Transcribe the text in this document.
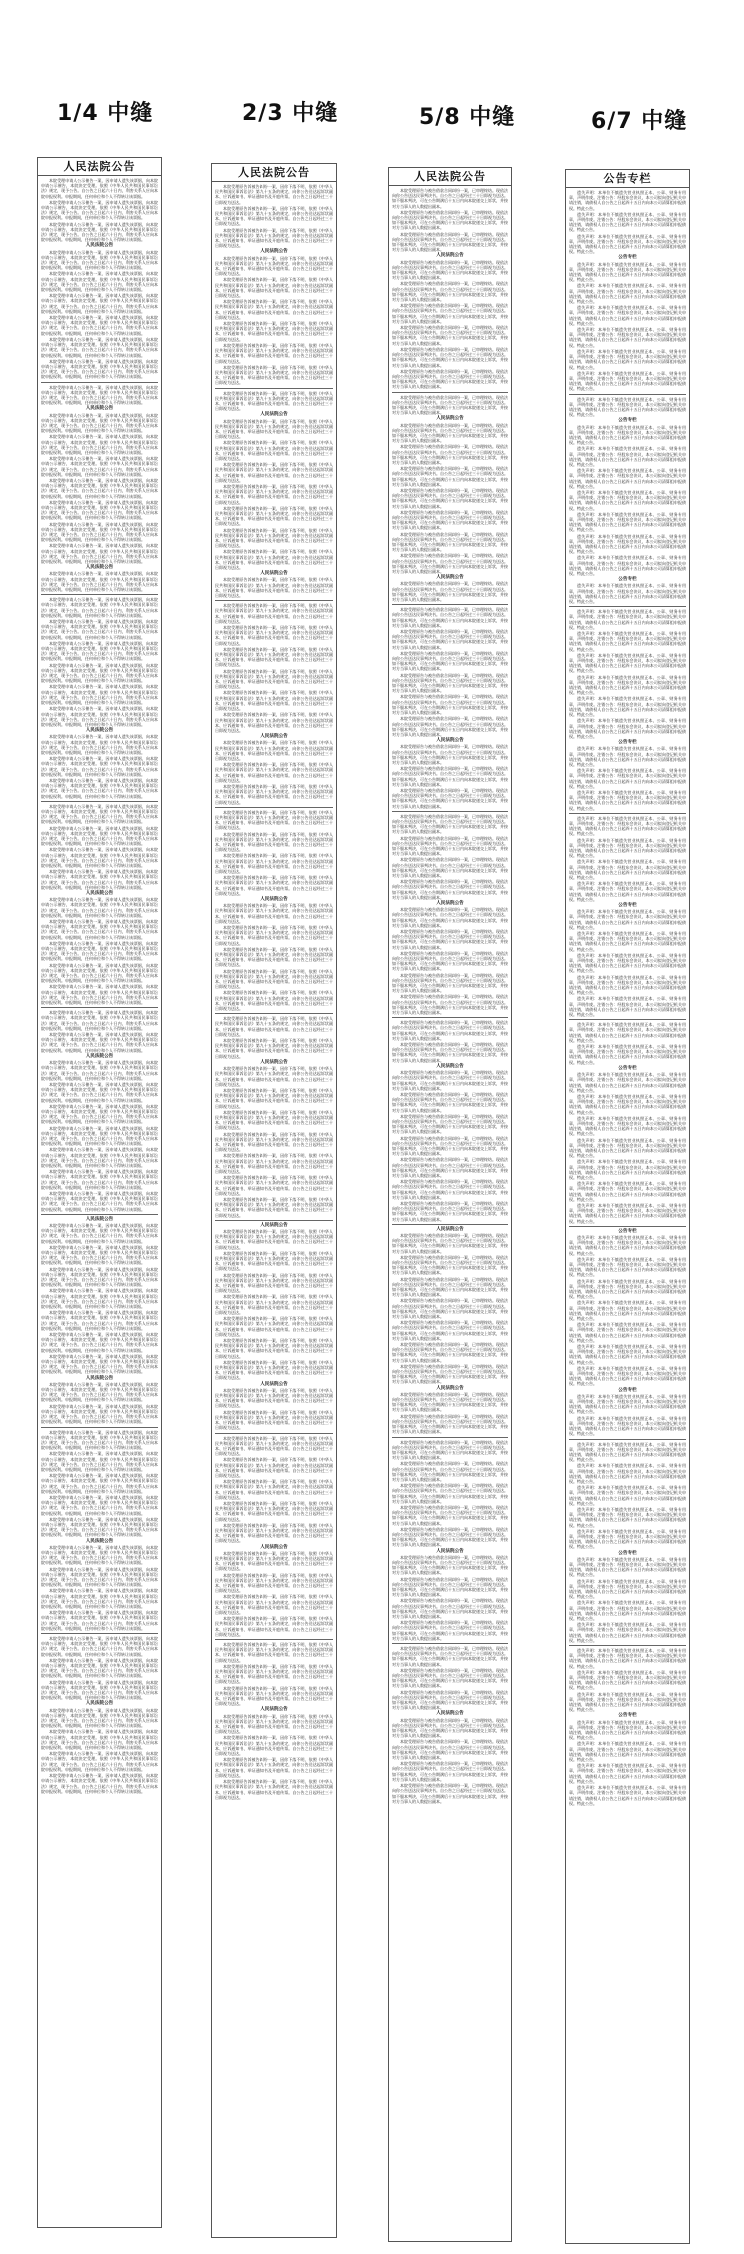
1/4 中缝	2/3 中缝	5/8 中缝	6/7 中缝
人民法院公告

本院受理申请人公示催告一案，因申请人遗失该票据，向本院申请公示催告，本院决定受理。依照《中华人民共和国民事诉讼法》规定，现予公告。自公告之日起六十日内，利害关系人应向本院申报权利。申报期间，任何单位和个人不得转让该票据。

本院受理申请人公示催告一案，因申请人遗失该票据，向本院申请公示催告，本院决定受理。依照《中华人民共和国民事诉讼法》规定，现予公告。自公告之日起六十日内，利害关系人应向本院申报权利。申报期间，任何单位和个人不得转让该票据。

本院受理申请人公示催告一案，因申请人遗失该票据，向本院申请公示催告，本院决定受理。依照《中华人民共和国民事诉讼法》规定，现予公告。自公告之日起六十日内，利害关系人应向本院申报权利。申报期间，任何单位和个人不得转让该票据。

人民法院公告

本院受理申请人公示催告一案，因申请人遗失该票据，向本院申请公示催告，本院决定受理。依照《中华人民共和国民事诉讼法》规定，现予公告。自公告之日起六十日内，利害关系人应向本院申报权利。申报期间，任何单位和个人不得转让该票据。

本院受理申请人公示催告一案，因申请人遗失该票据，向本院申请公示催告，本院决定受理。依照《中华人民共和国民事诉讼法》规定，现予公告。自公告之日起六十日内，利害关系人应向本院申报权利。申报期间，任何单位和个人不得转让该票据。

本院受理申请人公示催告一案，因申请人遗失该票据，向本院申请公示催告，本院决定受理。依照《中华人民共和国民事诉讼法》规定，现予公告。自公告之日起六十日内，利害关系人应向本院申报权利。申报期间，任何单位和个人不得转让该票据。

本院受理申请人公示催告一案，因申请人遗失该票据，向本院申请公示催告，本院决定受理。依照《中华人民共和国民事诉讼法》规定，现予公告。自公告之日起六十日内，利害关系人应向本院申报权利。申报期间，任何单位和个人不得转让该票据。

本院受理申请人公示催告一案，因申请人遗失该票据，向本院申请公示催告，本院决定受理。依照《中华人民共和国民事诉讼法》规定，现予公告。自公告之日起六十日内，利害关系人应向本院申报权利。申报期间，任何单位和个人不得转让该票据。

本院受理申请人公示催告一案，因申请人遗失该票据，向本院申请公示催告，本院决定受理。依照《中华人民共和国民事诉讼法》规定，现予公告。自公告之日起六十日内，利害关系人应向本院申报权利。申报期间，任何单位和个人不得转让该票据。

本院受理申请人公示催告一案，因申请人遗失该票据，向本院申请公示催告，本院决定受理。依照《中华人民共和国民事诉讼法》规定，现予公告。自公告之日起六十日内，利害关系人应向本院申报权利。申报期间，任何单位和个人不得转让该票据。

人民法院公告

本院受理申请人公示催告一案，因申请人遗失该票据，向本院申请公示催告，本院决定受理。依照《中华人民共和国民事诉讼法》规定，现予公告。自公告之日起六十日内，利害关系人应向本院申报权利。申报期间，任何单位和个人不得转让该票据。

本院受理申请人公示催告一案，因申请人遗失该票据，向本院申请公示催告，本院决定受理。依照《中华人民共和国民事诉讼法》规定，现予公告。自公告之日起六十日内，利害关系人应向本院申报权利。申报期间，任何单位和个人不得转让该票据。

本院受理申请人公示催告一案，因申请人遗失该票据，向本院申请公示催告，本院决定受理。依照《中华人民共和国民事诉讼法》规定，现予公告。自公告之日起六十日内，利害关系人应向本院申报权利。申报期间，任何单位和个人不得转让该票据。

本院受理申请人公示催告一案，因申请人遗失该票据，向本院申请公示催告，本院决定受理。依照《中华人民共和国民事诉讼法》规定，现予公告。自公告之日起六十日内，利害关系人应向本院申报权利。申报期间，任何单位和个人不得转让该票据。

本院受理申请人公示催告一案，因申请人遗失该票据，向本院申请公示催告，本院决定受理。依照《中华人民共和国民事诉讼法》规定，现予公告。自公告之日起六十日内，利害关系人应向本院申报权利。申报期间，任何单位和个人不得转让该票据。

本院受理申请人公示催告一案，因申请人遗失该票据，向本院申请公示催告，本院决定受理。依照《中华人民共和国民事诉讼法》规定，现予公告。自公告之日起六十日内，利害关系人应向本院申报权利。申报期间，任何单位和个人不得转让该票据。

本院受理申请人公示催告一案，因申请人遗失该票据，向本院申请公示催告，本院决定受理。依照《中华人民共和国民事诉讼法》规定，现予公告。自公告之日起六十日内，利害关系人应向本院申报权利。申报期间，任何单位和个人不得转让该票据。

人民法院公告

本院受理申请人公示催告一案，因申请人遗失该票据，向本院申请公示催告，本院决定受理。依照《中华人民共和国民事诉讼法》规定，现予公告。自公告之日起六十日内，利害关系人应向本院申报权利。申报期间，任何单位和个人不得转让该票据。

本院受理申请人公示催告一案，因申请人遗失该票据，向本院申请公示催告，本院决定受理。依照《中华人民共和国民事诉讼法》规定，现予公告。自公告之日起六十日内，利害关系人应向本院申报权利。申报期间，任何单位和个人不得转让该票据。

本院受理申请人公示催告一案，因申请人遗失该票据，向本院申请公示催告，本院决定受理。依照《中华人民共和国民事诉讼法》规定，现予公告。自公告之日起六十日内，利害关系人应向本院申报权利。申报期间，任何单位和个人不得转让该票据。

本院受理申请人公示催告一案，因申请人遗失该票据，向本院申请公示催告，本院决定受理。依照《中华人民共和国民事诉讼法》规定，现予公告。自公告之日起六十日内，利害关系人应向本院申报权利。申报期间，任何单位和个人不得转让该票据。

本院受理申请人公示催告一案，因申请人遗失该票据，向本院申请公示催告，本院决定受理。依照《中华人民共和国民事诉讼法》规定，现予公告。自公告之日起六十日内，利害关系人应向本院申报权利。申报期间，任何单位和个人不得转让该票据。

本院受理申请人公示催告一案，因申请人遗失该票据，向本院申请公示催告，本院决定受理。依照《中华人民共和国民事诉讼法》规定，现予公告。自公告之日起六十日内，利害关系人应向本院申报权利。申报期间，任何单位和个人不得转让该票据。

本院受理申请人公示催告一案，因申请人遗失该票据，向本院申请公示催告，本院决定受理。依照《中华人民共和国民事诉讼法》规定，现予公告。自公告之日起六十日内，利害关系人应向本院申报权利。申报期间，任何单位和个人不得转让该票据。

人民法院公告

本院受理申请人公示催告一案，因申请人遗失该票据，向本院申请公示催告，本院决定受理。依照《中华人民共和国民事诉讼法》规定，现予公告。自公告之日起六十日内，利害关系人应向本院申报权利。申报期间，任何单位和个人不得转让该票据。

本院受理申请人公示催告一案，因申请人遗失该票据，向本院申请公示催告，本院决定受理。依照《中华人民共和国民事诉讼法》规定，现予公告。自公告之日起六十日内，利害关系人应向本院申报权利。申报期间，任何单位和个人不得转让该票据。

本院受理申请人公示催告一案，因申请人遗失该票据，向本院申请公示催告，本院决定受理。依照《中华人民共和国民事诉讼法》规定，现予公告。自公告之日起六十日内，利害关系人应向本院申报权利。申报期间，任何单位和个人不得转让该票据。

本院受理申请人公示催告一案，因申请人遗失该票据，向本院申请公示催告，本院决定受理。依照《中华人民共和国民事诉讼法》规定，现予公告。自公告之日起六十日内，利害关系人应向本院申报权利。申报期间，任何单位和个人不得转让该票据。

本院受理申请人公示催告一案，因申请人遗失该票据，向本院申请公示催告，本院决定受理。依照《中华人民共和国民事诉讼法》规定，现予公告。自公告之日起六十日内，利害关系人应向本院申报权利。申报期间，任何单位和个人不得转让该票据。

本院受理申请人公示催告一案，因申请人遗失该票据，向本院申请公示催告，本院决定受理。依照《中华人民共和国民事诉讼法》规定，现予公告。自公告之日起六十日内，利害关系人应向本院申报权利。申报期间，任何单位和个人不得转让该票据。

本院受理申请人公示催告一案，因申请人遗失该票据，向本院申请公示催告，本院决定受理。依照《中华人民共和国民事诉讼法》规定，现予公告。自公告之日起六十日内，利害关系人应向本院申报权利。申报期间，任何单位和个人不得转让该票据。

人民法院公告

本院受理申请人公示催告一案，因申请人遗失该票据，向本院申请公示催告，本院决定受理。依照《中华人民共和国民事诉讼法》规定，现予公告。自公告之日起六十日内，利害关系人应向本院申报权利。申报期间，任何单位和个人不得转让该票据。

本院受理申请人公示催告一案，因申请人遗失该票据，向本院申请公示催告，本院决定受理。依照《中华人民共和国民事诉讼法》规定，现予公告。自公告之日起六十日内，利害关系人应向本院申报权利。申报期间，任何单位和个人不得转让该票据。

本院受理申请人公示催告一案，因申请人遗失该票据，向本院申请公示催告，本院决定受理。依照《中华人民共和国民事诉讼法》规定，现予公告。自公告之日起六十日内，利害关系人应向本院申报权利。申报期间，任何单位和个人不得转让该票据。

本院受理申请人公示催告一案，因申请人遗失该票据，向本院申请公示催告，本院决定受理。依照《中华人民共和国民事诉讼法》规定，现予公告。自公告之日起六十日内，利害关系人应向本院申报权利。申报期间，任何单位和个人不得转让该票据。

本院受理申请人公示催告一案，因申请人遗失该票据，向本院申请公示催告，本院决定受理。依照《中华人民共和国民事诉讼法》规定，现予公告。自公告之日起六十日内，利害关系人应向本院申报权利。申报期间，任何单位和个人不得转让该票据。

本院受理申请人公示催告一案，因申请人遗失该票据，向本院申请公示催告，本院决定受理。依照《中华人民共和国民事诉讼法》规定，现予公告。自公告之日起六十日内，利害关系人应向本院申报权利。申报期间，任何单位和个人不得转让该票据。

本院受理申请人公示催告一案，因申请人遗失该票据，向本院申请公示催告，本院决定受理。依照《中华人民共和国民事诉讼法》规定，现予公告。自公告之日起六十日内，利害关系人应向本院申报权利。申报期间，任何单位和个人不得转让该票据。

人民法院公告

本院受理申请人公示催告一案，因申请人遗失该票据，向本院申请公示催告，本院决定受理。依照《中华人民共和国民事诉讼法》规定，现予公告。自公告之日起六十日内，利害关系人应向本院申报权利。申报期间，任何单位和个人不得转让该票据。

本院受理申请人公示催告一案，因申请人遗失该票据，向本院申请公示催告，本院决定受理。依照《中华人民共和国民事诉讼法》规定，现予公告。自公告之日起六十日内，利害关系人应向本院申报权利。申报期间，任何单位和个人不得转让该票据。

本院受理申请人公示催告一案，因申请人遗失该票据，向本院申请公示催告，本院决定受理。依照《中华人民共和国民事诉讼法》规定，现予公告。自公告之日起六十日内，利害关系人应向本院申报权利。申报期间，任何单位和个人不得转让该票据。

本院受理申请人公示催告一案，因申请人遗失该票据，向本院申请公示催告，本院决定受理。依照《中华人民共和国民事诉讼法》规定，现予公告。自公告之日起六十日内，利害关系人应向本院申报权利。申报期间，任何单位和个人不得转让该票据。

本院受理申请人公示催告一案，因申请人遗失该票据，向本院申请公示催告，本院决定受理。依照《中华人民共和国民事诉讼法》规定，现予公告。自公告之日起六十日内，利害关系人应向本院申报权利。申报期间，任何单位和个人不得转让该票据。

本院受理申请人公示催告一案，因申请人遗失该票据，向本院申请公示催告，本院决定受理。依照《中华人民共和国民事诉讼法》规定，现予公告。自公告之日起六十日内，利害关系人应向本院申报权利。申报期间，任何单位和个人不得转让该票据。

本院受理申请人公示催告一案，因申请人遗失该票据，向本院申请公示催告，本院决定受理。依照《中华人民共和国民事诉讼法》规定，现予公告。自公告之日起六十日内，利害关系人应向本院申报权利。申报期间，任何单位和个人不得转让该票据。

人民法院公告

本院受理申请人公示催告一案，因申请人遗失该票据，向本院申请公示催告，本院决定受理。依照《中华人民共和国民事诉讼法》规定，现予公告。自公告之日起六十日内，利害关系人应向本院申报权利。申报期间，任何单位和个人不得转让该票据。

本院受理申请人公示催告一案，因申请人遗失该票据，向本院申请公示催告，本院决定受理。依照《中华人民共和国民事诉讼法》规定，现予公告。自公告之日起六十日内，利害关系人应向本院申报权利。申报期间，任何单位和个人不得转让该票据。

本院受理申请人公示催告一案，因申请人遗失该票据，向本院申请公示催告，本院决定受理。依照《中华人民共和国民事诉讼法》规定，现予公告。自公告之日起六十日内，利害关系人应向本院申报权利。申报期间，任何单位和个人不得转让该票据。

本院受理申请人公示催告一案，因申请人遗失该票据，向本院申请公示催告，本院决定受理。依照《中华人民共和国民事诉讼法》规定，现予公告。自公告之日起六十日内，利害关系人应向本院申报权利。申报期间，任何单位和个人不得转让该票据。

本院受理申请人公示催告一案，因申请人遗失该票据，向本院申请公示催告，本院决定受理。依照《中华人民共和国民事诉讼法》规定，现予公告。自公告之日起六十日内，利害关系人应向本院申报权利。申报期间，任何单位和个人不得转让该票据。

本院受理申请人公示催告一案，因申请人遗失该票据，向本院申请公示催告，本院决定受理。依照《中华人民共和国民事诉讼法》规定，现予公告。自公告之日起六十日内，利害关系人应向本院申报权利。申报期间，任何单位和个人不得转让该票据。

本院受理申请人公示催告一案，因申请人遗失该票据，向本院申请公示催告，本院决定受理。依照《中华人民共和国民事诉讼法》规定，现予公告。自公告之日起六十日内，利害关系人应向本院申报权利。申报期间，任何单位和个人不得转让该票据。

人民法院公告

本院受理申请人公示催告一案，因申请人遗失该票据，向本院申请公示催告，本院决定受理。依照《中华人民共和国民事诉讼法》规定，现予公告。自公告之日起六十日内，利害关系人应向本院申报权利。申报期间，任何单位和个人不得转让该票据。

本院受理申请人公示催告一案，因申请人遗失该票据，向本院申请公示催告，本院决定受理。依照《中华人民共和国民事诉讼法》规定，现予公告。自公告之日起六十日内，利害关系人应向本院申报权利。申报期间，任何单位和个人不得转让该票据。

本院受理申请人公示催告一案，因申请人遗失该票据，向本院申请公示催告，本院决定受理。依照《中华人民共和国民事诉讼法》规定，现予公告。自公告之日起六十日内，利害关系人应向本院申报权利。申报期间，任何单位和个人不得转让该票据。

本院受理申请人公示催告一案，因申请人遗失该票据，向本院申请公示催告，本院决定受理。依照《中华人民共和国民事诉讼法》规定，现予公告。自公告之日起六十日内，利害关系人应向本院申报权利。申报期间，任何单位和个人不得转让该票据。

本院受理申请人公示催告一案，因申请人遗失该票据，向本院申请公示催告，本院决定受理。依照《中华人民共和国民事诉讼法》规定，现予公告。自公告之日起六十日内，利害关系人应向本院申报权利。申报期间，任何单位和个人不得转让该票据。

本院受理申请人公示催告一案，因申请人遗失该票据，向本院申请公示催告，本院决定受理。依照《中华人民共和国民事诉讼法》规定，现予公告。自公告之日起六十日内，利害关系人应向本院申报权利。申报期间，任何单位和个人不得转让该票据。

本院受理申请人公示催告一案，因申请人遗失该票据，向本院申请公示催告，本院决定受理。依照《中华人民共和国民事诉讼法》规定，现予公告。自公告之日起六十日内，利害关系人应向本院申报权利。申报期间，任何单位和个人不得转让该票据。

人民法院公告

本院受理申请人公示催告一案，因申请人遗失该票据，向本院申请公示催告，本院决定受理。依照《中华人民共和国民事诉讼法》规定，现予公告。自公告之日起六十日内，利害关系人应向本院申报权利。申报期间，任何单位和个人不得转让该票据。

本院受理申请人公示催告一案，因申请人遗失该票据，向本院申请公示催告，本院决定受理。依照《中华人民共和国民事诉讼法》规定，现予公告。自公告之日起六十日内，利害关系人应向本院申报权利。申报期间，任何单位和个人不得转让该票据。

本院受理申请人公示催告一案，因申请人遗失该票据，向本院申请公示催告，本院决定受理。依照《中华人民共和国民事诉讼法》规定，现予公告。自公告之日起六十日内，利害关系人应向本院申报权利。申报期间，任何单位和个人不得转让该票据。

本院受理申请人公示催告一案，因申请人遗失该票据，向本院申请公示催告，本院决定受理。依照《中华人民共和国民事诉讼法》规定，现予公告。自公告之日起六十日内，利害关系人应向本院申报权利。申报期间，任何单位和个人不得转让该票据。

本院受理申请人公示催告一案，因申请人遗失该票据，向本院申请公示催告，本院决定受理。依照《中华人民共和国民事诉讼法》规定，现予公告。自公告之日起六十日内，利害关系人应向本院申报权利。申报期间，任何单位和个人不得转让该票据。

本院受理申请人公示催告一案，因申请人遗失该票据，向本院申请公示催告，本院决定受理。依照《中华人民共和国民事诉讼法》规定，现予公告。自公告之日起六十日内，利害关系人应向本院申报权利。申报期间，任何单位和个人不得转让该票据。

本院受理申请人公示催告一案，因申请人遗失该票据，向本院申请公示催告，本院决定受理。依照《中华人民共和国民事诉讼法》规定，现予公告。自公告之日起六十日内，利害关系人应向本院申报权利。申报期间，任何单位和个人不得转让该票据。

人民法院公告

本院受理申请人公示催告一案，因申请人遗失该票据，向本院申请公示催告，本院决定受理。依照《中华人民共和国民事诉讼法》规定，现予公告。自公告之日起六十日内，利害关系人应向本院申报权利。申报期间，任何单位和个人不得转让该票据。

本院受理申请人公示催告一案，因申请人遗失该票据，向本院申请公示催告，本院决定受理。依照《中华人民共和国民事诉讼法》规定，现予公告。自公告之日起六十日内，利害关系人应向本院申报权利。申报期间，任何单位和个人不得转让该票据。

本院受理申请人公示催告一案，因申请人遗失该票据，向本院申请公示催告，本院决定受理。依照《中华人民共和国民事诉讼法》规定，现予公告。自公告之日起六十日内，利害关系人应向本院申报权利。申报期间，任何单位和个人不得转让该票据。

本院受理申请人公示催告一案，因申请人遗失该票据，向本院申请公示催告，本院决定受理。依照《中华人民共和国民事诉讼法》规定，现予公告。自公告之日起六十日内，利害关系人应向本院申报权利。申报期间，任何单位和个人不得转让该票据。

人民法院公告

本院受理原告诉被告纠纷一案，因你下落不明，依照《中华人民共和国民事诉讼法》第九十五条的规定，向你公告送达起诉状副本、应诉通知书、举证通知书及开庭传票。自公告之日起经过三十日即视为送达。

本院受理原告诉被告纠纷一案，因你下落不明，依照《中华人民共和国民事诉讼法》第九十五条的规定，向你公告送达起诉状副本、应诉通知书、举证通知书及开庭传票。自公告之日起经过三十日即视为送达。

本院受理原告诉被告纠纷一案，因你下落不明，依照《中华人民共和国民事诉讼法》第九十五条的规定，向你公告送达起诉状副本、应诉通知书、举证通知书及开庭传票。自公告之日起经过三十日即视为送达。

人民法院公告

本院受理原告诉被告纠纷一案，因你下落不明，依照《中华人民共和国民事诉讼法》第九十五条的规定，向你公告送达起诉状副本、应诉通知书、举证通知书及开庭传票。自公告之日起经过三十日即视为送达。

本院受理原告诉被告纠纷一案，因你下落不明，依照《中华人民共和国民事诉讼法》第九十五条的规定，向你公告送达起诉状副本、应诉通知书、举证通知书及开庭传票。自公告之日起经过三十日即视为送达。

本院受理原告诉被告纠纷一案，因你下落不明，依照《中华人民共和国民事诉讼法》第九十五条的规定，向你公告送达起诉状副本、应诉通知书、举证通知书及开庭传票。自公告之日起经过三十日即视为送达。

本院受理原告诉被告纠纷一案，因你下落不明，依照《中华人民共和国民事诉讼法》第九十五条的规定，向你公告送达起诉状副本、应诉通知书、举证通知书及开庭传票。自公告之日起经过三十日即视为送达。

本院受理原告诉被告纠纷一案，因你下落不明，依照《中华人民共和国民事诉讼法》第九十五条的规定，向你公告送达起诉状副本、应诉通知书、举证通知书及开庭传票。自公告之日起经过三十日即视为送达。

本院受理原告诉被告纠纷一案，因你下落不明，依照《中华人民共和国民事诉讼法》第九十五条的规定，向你公告送达起诉状副本、应诉通知书、举证通知书及开庭传票。自公告之日起经过三十日即视为送达。

本院受理原告诉被告纠纷一案，因你下落不明，依照《中华人民共和国民事诉讼法》第九十五条的规定，向你公告送达起诉状副本、应诉通知书、举证通知书及开庭传票。自公告之日起经过三十日即视为送达。

人民法院公告

本院受理原告诉被告纠纷一案，因你下落不明，依照《中华人民共和国民事诉讼法》第九十五条的规定，向你公告送达起诉状副本、应诉通知书、举证通知书及开庭传票。自公告之日起经过三十日即视为送达。

本院受理原告诉被告纠纷一案，因你下落不明，依照《中华人民共和国民事诉讼法》第九十五条的规定，向你公告送达起诉状副本、应诉通知书、举证通知书及开庭传票。自公告之日起经过三十日即视为送达。

本院受理原告诉被告纠纷一案，因你下落不明，依照《中华人民共和国民事诉讼法》第九十五条的规定，向你公告送达起诉状副本、应诉通知书、举证通知书及开庭传票。自公告之日起经过三十日即视为送达。

本院受理原告诉被告纠纷一案，因你下落不明，依照《中华人民共和国民事诉讼法》第九十五条的规定，向你公告送达起诉状副本、应诉通知书、举证通知书及开庭传票。自公告之日起经过三十日即视为送达。

本院受理原告诉被告纠纷一案，因你下落不明，依照《中华人民共和国民事诉讼法》第九十五条的规定，向你公告送达起诉状副本、应诉通知书、举证通知书及开庭传票。自公告之日起经过三十日即视为送达。

本院受理原告诉被告纠纷一案，因你下落不明，依照《中华人民共和国民事诉讼法》第九十五条的规定，向你公告送达起诉状副本、应诉通知书、举证通知书及开庭传票。自公告之日起经过三十日即视为送达。

本院受理原告诉被告纠纷一案，因你下落不明，依照《中华人民共和国民事诉讼法》第九十五条的规定，向你公告送达起诉状副本、应诉通知书、举证通知书及开庭传票。自公告之日起经过三十日即视为送达。

人民法院公告

本院受理原告诉被告纠纷一案，因你下落不明，依照《中华人民共和国民事诉讼法》第九十五条的规定，向你公告送达起诉状副本、应诉通知书、举证通知书及开庭传票。自公告之日起经过三十日即视为送达。

本院受理原告诉被告纠纷一案，因你下落不明，依照《中华人民共和国民事诉讼法》第九十五条的规定，向你公告送达起诉状副本、应诉通知书、举证通知书及开庭传票。自公告之日起经过三十日即视为送达。

本院受理原告诉被告纠纷一案，因你下落不明，依照《中华人民共和国民事诉讼法》第九十五条的规定，向你公告送达起诉状副本、应诉通知书、举证通知书及开庭传票。自公告之日起经过三十日即视为送达。

本院受理原告诉被告纠纷一案，因你下落不明，依照《中华人民共和国民事诉讼法》第九十五条的规定，向你公告送达起诉状副本、应诉通知书、举证通知书及开庭传票。自公告之日起经过三十日即视为送达。

本院受理原告诉被告纠纷一案，因你下落不明，依照《中华人民共和国民事诉讼法》第九十五条的规定，向你公告送达起诉状副本、应诉通知书、举证通知书及开庭传票。自公告之日起经过三十日即视为送达。

本院受理原告诉被告纠纷一案，因你下落不明，依照《中华人民共和国民事诉讼法》第九十五条的规定，向你公告送达起诉状副本、应诉通知书、举证通知书及开庭传票。自公告之日起经过三十日即视为送达。

本院受理原告诉被告纠纷一案，因你下落不明，依照《中华人民共和国民事诉讼法》第九十五条的规定，向你公告送达起诉状副本、应诉通知书、举证通知书及开庭传票。自公告之日起经过三十日即视为送达。

人民法院公告

本院受理原告诉被告纠纷一案，因你下落不明，依照《中华人民共和国民事诉讼法》第九十五条的规定，向你公告送达起诉状副本、应诉通知书、举证通知书及开庭传票。自公告之日起经过三十日即视为送达。

本院受理原告诉被告纠纷一案，因你下落不明，依照《中华人民共和国民事诉讼法》第九十五条的规定，向你公告送达起诉状副本、应诉通知书、举证通知书及开庭传票。自公告之日起经过三十日即视为送达。

本院受理原告诉被告纠纷一案，因你下落不明，依照《中华人民共和国民事诉讼法》第九十五条的规定，向你公告送达起诉状副本、应诉通知书、举证通知书及开庭传票。自公告之日起经过三十日即视为送达。

本院受理原告诉被告纠纷一案，因你下落不明，依照《中华人民共和国民事诉讼法》第九十五条的规定，向你公告送达起诉状副本、应诉通知书、举证通知书及开庭传票。自公告之日起经过三十日即视为送达。

本院受理原告诉被告纠纷一案，因你下落不明，依照《中华人民共和国民事诉讼法》第九十五条的规定，向你公告送达起诉状副本、应诉通知书、举证通知书及开庭传票。自公告之日起经过三十日即视为送达。

本院受理原告诉被告纠纷一案，因你下落不明，依照《中华人民共和国民事诉讼法》第九十五条的规定，向你公告送达起诉状副本、应诉通知书、举证通知书及开庭传票。自公告之日起经过三十日即视为送达。

本院受理原告诉被告纠纷一案，因你下落不明，依照《中华人民共和国民事诉讼法》第九十五条的规定，向你公告送达起诉状副本、应诉通知书、举证通知书及开庭传票。自公告之日起经过三十日即视为送达。

人民法院公告

本院受理原告诉被告纠纷一案，因你下落不明，依照《中华人民共和国民事诉讼法》第九十五条的规定，向你公告送达起诉状副本、应诉通知书、举证通知书及开庭传票。自公告之日起经过三十日即视为送达。

本院受理原告诉被告纠纷一案，因你下落不明，依照《中华人民共和国民事诉讼法》第九十五条的规定，向你公告送达起诉状副本、应诉通知书、举证通知书及开庭传票。自公告之日起经过三十日即视为送达。

本院受理原告诉被告纠纷一案，因你下落不明，依照《中华人民共和国民事诉讼法》第九十五条的规定，向你公告送达起诉状副本、应诉通知书、举证通知书及开庭传票。自公告之日起经过三十日即视为送达。

本院受理原告诉被告纠纷一案，因你下落不明，依照《中华人民共和国民事诉讼法》第九十五条的规定，向你公告送达起诉状副本、应诉通知书、举证通知书及开庭传票。自公告之日起经过三十日即视为送达。

本院受理原告诉被告纠纷一案，因你下落不明，依照《中华人民共和国民事诉讼法》第九十五条的规定，向你公告送达起诉状副本、应诉通知书、举证通知书及开庭传票。自公告之日起经过三十日即视为送达。

本院受理原告诉被告纠纷一案，因你下落不明，依照《中华人民共和国民事诉讼法》第九十五条的规定，向你公告送达起诉状副本、应诉通知书、举证通知书及开庭传票。自公告之日起经过三十日即视为送达。

本院受理原告诉被告纠纷一案，因你下落不明，依照《中华人民共和国民事诉讼法》第九十五条的规定，向你公告送达起诉状副本、应诉通知书、举证通知书及开庭传票。自公告之日起经过三十日即视为送达。

人民法院公告

本院受理原告诉被告纠纷一案，因你下落不明，依照《中华人民共和国民事诉讼法》第九十五条的规定，向你公告送达起诉状副本、应诉通知书、举证通知书及开庭传票。自公告之日起经过三十日即视为送达。

本院受理原告诉被告纠纷一案，因你下落不明，依照《中华人民共和国民事诉讼法》第九十五条的规定，向你公告送达起诉状副本、应诉通知书、举证通知书及开庭传票。自公告之日起经过三十日即视为送达。

本院受理原告诉被告纠纷一案，因你下落不明，依照《中华人民共和国民事诉讼法》第九十五条的规定，向你公告送达起诉状副本、应诉通知书、举证通知书及开庭传票。自公告之日起经过三十日即视为送达。

本院受理原告诉被告纠纷一案，因你下落不明，依照《中华人民共和国民事诉讼法》第九十五条的规定，向你公告送达起诉状副本、应诉通知书、举证通知书及开庭传票。自公告之日起经过三十日即视为送达。

本院受理原告诉被告纠纷一案，因你下落不明，依照《中华人民共和国民事诉讼法》第九十五条的规定，向你公告送达起诉状副本、应诉通知书、举证通知书及开庭传票。自公告之日起经过三十日即视为送达。

本院受理原告诉被告纠纷一案，因你下落不明，依照《中华人民共和国民事诉讼法》第九十五条的规定，向你公告送达起诉状副本、应诉通知书、举证通知书及开庭传票。自公告之日起经过三十日即视为送达。

本院受理原告诉被告纠纷一案，因你下落不明，依照《中华人民共和国民事诉讼法》第九十五条的规定，向你公告送达起诉状副本、应诉通知书、举证通知书及开庭传票。自公告之日起经过三十日即视为送达。

人民法院公告

本院受理原告诉被告纠纷一案，因你下落不明，依照《中华人民共和国民事诉讼法》第九十五条的规定，向你公告送达起诉状副本、应诉通知书、举证通知书及开庭传票。自公告之日起经过三十日即视为送达。

本院受理原告诉被告纠纷一案，因你下落不明，依照《中华人民共和国民事诉讼法》第九十五条的规定，向你公告送达起诉状副本、应诉通知书、举证通知书及开庭传票。自公告之日起经过三十日即视为送达。

本院受理原告诉被告纠纷一案，因你下落不明，依照《中华人民共和国民事诉讼法》第九十五条的规定，向你公告送达起诉状副本、应诉通知书、举证通知书及开庭传票。自公告之日起经过三十日即视为送达。

本院受理原告诉被告纠纷一案，因你下落不明，依照《中华人民共和国民事诉讼法》第九十五条的规定，向你公告送达起诉状副本、应诉通知书、举证通知书及开庭传票。自公告之日起经过三十日即视为送达。

本院受理原告诉被告纠纷一案，因你下落不明，依照《中华人民共和国民事诉讼法》第九十五条的规定，向你公告送达起诉状副本、应诉通知书、举证通知书及开庭传票。自公告之日起经过三十日即视为送达。

本院受理原告诉被告纠纷一案，因你下落不明，依照《中华人民共和国民事诉讼法》第九十五条的规定，向你公告送达起诉状副本、应诉通知书、举证通知书及开庭传票。自公告之日起经过三十日即视为送达。

本院受理原告诉被告纠纷一案，因你下落不明，依照《中华人民共和国民事诉讼法》第九十五条的规定，向你公告送达起诉状副本、应诉通知书、举证通知书及开庭传票。自公告之日起经过三十日即视为送达。

人民法院公告

本院受理原告诉被告纠纷一案，因你下落不明，依照《中华人民共和国民事诉讼法》第九十五条的规定，向你公告送达起诉状副本、应诉通知书、举证通知书及开庭传票。自公告之日起经过三十日即视为送达。

本院受理原告诉被告纠纷一案，因你下落不明，依照《中华人民共和国民事诉讼法》第九十五条的规定，向你公告送达起诉状副本、应诉通知书、举证通知书及开庭传票。自公告之日起经过三十日即视为送达。

本院受理原告诉被告纠纷一案，因你下落不明，依照《中华人民共和国民事诉讼法》第九十五条的规定，向你公告送达起诉状副本、应诉通知书、举证通知书及开庭传票。自公告之日起经过三十日即视为送达。

本院受理原告诉被告纠纷一案，因你下落不明，依照《中华人民共和国民事诉讼法》第九十五条的规定，向你公告送达起诉状副本、应诉通知书、举证通知书及开庭传票。自公告之日起经过三十日即视为送达。

本院受理原告诉被告纠纷一案，因你下落不明，依照《中华人民共和国民事诉讼法》第九十五条的规定，向你公告送达起诉状副本、应诉通知书、举证通知书及开庭传票。自公告之日起经过三十日即视为送达。

本院受理原告诉被告纠纷一案，因你下落不明，依照《中华人民共和国民事诉讼法》第九十五条的规定，向你公告送达起诉状副本、应诉通知书、举证通知书及开庭传票。自公告之日起经过三十日即视为送达。

本院受理原告诉被告纠纷一案，因你下落不明，依照《中华人民共和国民事诉讼法》第九十五条的规定，向你公告送达起诉状副本、应诉通知书、举证通知书及开庭传票。自公告之日起经过三十日即视为送达。

人民法院公告

本院受理原告诉被告纠纷一案，因你下落不明，依照《中华人民共和国民事诉讼法》第九十五条的规定，向你公告送达起诉状副本、应诉通知书、举证通知书及开庭传票。自公告之日起经过三十日即视为送达。

本院受理原告诉被告纠纷一案，因你下落不明，依照《中华人民共和国民事诉讼法》第九十五条的规定，向你公告送达起诉状副本、应诉通知书、举证通知书及开庭传票。自公告之日起经过三十日即视为送达。

本院受理原告诉被告纠纷一案，因你下落不明，依照《中华人民共和国民事诉讼法》第九十五条的规定，向你公告送达起诉状副本、应诉通知书、举证通知书及开庭传票。自公告之日起经过三十日即视为送达。

本院受理原告诉被告纠纷一案，因你下落不明，依照《中华人民共和国民事诉讼法》第九十五条的规定，向你公告送达起诉状副本、应诉通知书、举证通知书及开庭传票。自公告之日起经过三十日即视为送达。

本院受理原告诉被告纠纷一案，因你下落不明，依照《中华人民共和国民事诉讼法》第九十五条的规定，向你公告送达起诉状副本、应诉通知书、举证通知书及开庭传票。自公告之日起经过三十日即视为送达。

本院受理原告诉被告纠纷一案，因你下落不明，依照《中华人民共和国民事诉讼法》第九十五条的规定，向你公告送达起诉状副本、应诉通知书、举证通知书及开庭传票。自公告之日起经过三十日即视为送达。

本院受理原告诉被告纠纷一案，因你下落不明，依照《中华人民共和国民事诉讼法》第九十五条的规定，向你公告送达起诉状副本、应诉通知书、举证通知书及开庭传票。自公告之日起经过三十日即视为送达。

人民法院公告

本院受理原告诉被告纠纷一案，因你下落不明，依照《中华人民共和国民事诉讼法》第九十五条的规定，向你公告送达起诉状副本、应诉通知书、举证通知书及开庭传票。自公告之日起经过三十日即视为送达。

本院受理原告诉被告纠纷一案，因你下落不明，依照《中华人民共和国民事诉讼法》第九十五条的规定，向你公告送达起诉状副本、应诉通知书、举证通知书及开庭传票。自公告之日起经过三十日即视为送达。

本院受理原告诉被告纠纷一案，因你下落不明，依照《中华人民共和国民事诉讼法》第九十五条的规定，向你公告送达起诉状副本、应诉通知书、举证通知书及开庭传票。自公告之日起经过三十日即视为送达。

本院受理原告诉被告纠纷一案，因你下落不明，依照《中华人民共和国民事诉讼法》第九十五条的规定，向你公告送达起诉状副本、应诉通知书、举证通知书及开庭传票。自公告之日起经过三十日即视为送达。

人民法院公告

本院受理原告与被告借款合同纠纷一案，已审理终结。现依法向你公告送达民事判决书。自公告之日起经过三十日即视为送达。如不服本判决，可在公告期满后十五日内向本院递交上诉状，并按对方当事人的人数提出副本。

本院受理原告与被告借款合同纠纷一案，已审理终结。现依法向你公告送达民事判决书。自公告之日起经过三十日即视为送达。如不服本判决，可在公告期满后十五日内向本院递交上诉状，并按对方当事人的人数提出副本。

本院受理原告与被告借款合同纠纷一案，已审理终结。现依法向你公告送达民事判决书。自公告之日起经过三十日即视为送达。如不服本判决，可在公告期满后十五日内向本院递交上诉状，并按对方当事人的人数提出副本。

人民法院公告

本院受理原告与被告借款合同纠纷一案，已审理终结。现依法向你公告送达民事判决书。自公告之日起经过三十日即视为送达。如不服本判决，可在公告期满后十五日内向本院递交上诉状，并按对方当事人的人数提出副本。

本院受理原告与被告借款合同纠纷一案，已审理终结。现依法向你公告送达民事判决书。自公告之日起经过三十日即视为送达。如不服本判决，可在公告期满后十五日内向本院递交上诉状，并按对方当事人的人数提出副本。

本院受理原告与被告借款合同纠纷一案，已审理终结。现依法向你公告送达民事判决书。自公告之日起经过三十日即视为送达。如不服本判决，可在公告期满后十五日内向本院递交上诉状，并按对方当事人的人数提出副本。

本院受理原告与被告借款合同纠纷一案，已审理终结。现依法向你公告送达民事判决书。自公告之日起经过三十日即视为送达。如不服本判决，可在公告期满后十五日内向本院递交上诉状，并按对方当事人的人数提出副本。

本院受理原告与被告借款合同纠纷一案，已审理终结。现依法向你公告送达民事判决书。自公告之日起经过三十日即视为送达。如不服本判决，可在公告期满后十五日内向本院递交上诉状，并按对方当事人的人数提出副本。

本院受理原告与被告借款合同纠纷一案，已审理终结。现依法向你公告送达民事判决书。自公告之日起经过三十日即视为送达。如不服本判决，可在公告期满后十五日内向本院递交上诉状，并按对方当事人的人数提出副本。

本院受理原告与被告借款合同纠纷一案，已审理终结。现依法向你公告送达民事判决书。自公告之日起经过三十日即视为送达。如不服本判决，可在公告期满后十五日内向本院递交上诉状，并按对方当事人的人数提出副本。

人民法院公告

本院受理原告与被告借款合同纠纷一案，已审理终结。现依法向你公告送达民事判决书。自公告之日起经过三十日即视为送达。如不服本判决，可在公告期满后十五日内向本院递交上诉状，并按对方当事人的人数提出副本。

本院受理原告与被告借款合同纠纷一案，已审理终结。现依法向你公告送达民事判决书。自公告之日起经过三十日即视为送达。如不服本判决，可在公告期满后十五日内向本院递交上诉状，并按对方当事人的人数提出副本。

本院受理原告与被告借款合同纠纷一案，已审理终结。现依法向你公告送达民事判决书。自公告之日起经过三十日即视为送达。如不服本判决，可在公告期满后十五日内向本院递交上诉状，并按对方当事人的人数提出副本。

本院受理原告与被告借款合同纠纷一案，已审理终结。现依法向你公告送达民事判决书。自公告之日起经过三十日即视为送达。如不服本判决，可在公告期满后十五日内向本院递交上诉状，并按对方当事人的人数提出副本。

本院受理原告与被告借款合同纠纷一案，已审理终结。现依法向你公告送达民事判决书。自公告之日起经过三十日即视为送达。如不服本判决，可在公告期满后十五日内向本院递交上诉状，并按对方当事人的人数提出副本。

本院受理原告与被告借款合同纠纷一案，已审理终结。现依法向你公告送达民事判决书。自公告之日起经过三十日即视为送达。如不服本判决，可在公告期满后十五日内向本院递交上诉状，并按对方当事人的人数提出副本。

本院受理原告与被告借款合同纠纷一案，已审理终结。现依法向你公告送达民事判决书。自公告之日起经过三十日即视为送达。如不服本判决，可在公告期满后十五日内向本院递交上诉状，并按对方当事人的人数提出副本。

人民法院公告

本院受理原告与被告借款合同纠纷一案，已审理终结。现依法向你公告送达民事判决书。自公告之日起经过三十日即视为送达。如不服本判决，可在公告期满后十五日内向本院递交上诉状，并按对方当事人的人数提出副本。

本院受理原告与被告借款合同纠纷一案，已审理终结。现依法向你公告送达民事判决书。自公告之日起经过三十日即视为送达。如不服本判决，可在公告期满后十五日内向本院递交上诉状，并按对方当事人的人数提出副本。

本院受理原告与被告借款合同纠纷一案，已审理终结。现依法向你公告送达民事判决书。自公告之日起经过三十日即视为送达。如不服本判决，可在公告期满后十五日内向本院递交上诉状，并按对方当事人的人数提出副本。

本院受理原告与被告借款合同纠纷一案，已审理终结。现依法向你公告送达民事判决书。自公告之日起经过三十日即视为送达。如不服本判决，可在公告期满后十五日内向本院递交上诉状，并按对方当事人的人数提出副本。

本院受理原告与被告借款合同纠纷一案，已审理终结。现依法向你公告送达民事判决书。自公告之日起经过三十日即视为送达。如不服本判决，可在公告期满后十五日内向本院递交上诉状，并按对方当事人的人数提出副本。

本院受理原告与被告借款合同纠纷一案，已审理终结。现依法向你公告送达民事判决书。自公告之日起经过三十日即视为送达。如不服本判决，可在公告期满后十五日内向本院递交上诉状，并按对方当事人的人数提出副本。

本院受理原告与被告借款合同纠纷一案，已审理终结。现依法向你公告送达民事判决书。自公告之日起经过三十日即视为送达。如不服本判决，可在公告期满后十五日内向本院递交上诉状，并按对方当事人的人数提出副本。

人民法院公告

本院受理原告与被告借款合同纠纷一案，已审理终结。现依法向你公告送达民事判决书。自公告之日起经过三十日即视为送达。如不服本判决，可在公告期满后十五日内向本院递交上诉状，并按对方当事人的人数提出副本。

本院受理原告与被告借款合同纠纷一案，已审理终结。现依法向你公告送达民事判决书。自公告之日起经过三十日即视为送达。如不服本判决，可在公告期满后十五日内向本院递交上诉状，并按对方当事人的人数提出副本。

本院受理原告与被告借款合同纠纷一案，已审理终结。现依法向你公告送达民事判决书。自公告之日起经过三十日即视为送达。如不服本判决，可在公告期满后十五日内向本院递交上诉状，并按对方当事人的人数提出副本。

本院受理原告与被告借款合同纠纷一案，已审理终结。现依法向你公告送达民事判决书。自公告之日起经过三十日即视为送达。如不服本判决，可在公告期满后十五日内向本院递交上诉状，并按对方当事人的人数提出副本。

本院受理原告与被告借款合同纠纷一案，已审理终结。现依法向你公告送达民事判决书。自公告之日起经过三十日即视为送达。如不服本判决，可在公告期满后十五日内向本院递交上诉状，并按对方当事人的人数提出副本。

本院受理原告与被告借款合同纠纷一案，已审理终结。现依法向你公告送达民事判决书。自公告之日起经过三十日即视为送达。如不服本判决，可在公告期满后十五日内向本院递交上诉状，并按对方当事人的人数提出副本。

本院受理原告与被告借款合同纠纷一案，已审理终结。现依法向你公告送达民事判决书。自公告之日起经过三十日即视为送达。如不服本判决，可在公告期满后十五日内向本院递交上诉状，并按对方当事人的人数提出副本。

人民法院公告

本院受理原告与被告借款合同纠纷一案，已审理终结。现依法向你公告送达民事判决书。自公告之日起经过三十日即视为送达。如不服本判决，可在公告期满后十五日内向本院递交上诉状，并按对方当事人的人数提出副本。

本院受理原告与被告借款合同纠纷一案，已审理终结。现依法向你公告送达民事判决书。自公告之日起经过三十日即视为送达。如不服本判决，可在公告期满后十五日内向本院递交上诉状，并按对方当事人的人数提出副本。

本院受理原告与被告借款合同纠纷一案，已审理终结。现依法向你公告送达民事判决书。自公告之日起经过三十日即视为送达。如不服本判决，可在公告期满后十五日内向本院递交上诉状，并按对方当事人的人数提出副本。

本院受理原告与被告借款合同纠纷一案，已审理终结。现依法向你公告送达民事判决书。自公告之日起经过三十日即视为送达。如不服本判决，可在公告期满后十五日内向本院递交上诉状，并按对方当事人的人数提出副本。

本院受理原告与被告借款合同纠纷一案，已审理终结。现依法向你公告送达民事判决书。自公告之日起经过三十日即视为送达。如不服本判决，可在公告期满后十五日内向本院递交上诉状，并按对方当事人的人数提出副本。

本院受理原告与被告借款合同纠纷一案，已审理终结。现依法向你公告送达民事判决书。自公告之日起经过三十日即视为送达。如不服本判决，可在公告期满后十五日内向本院递交上诉状，并按对方当事人的人数提出副本。

本院受理原告与被告借款合同纠纷一案，已审理终结。现依法向你公告送达民事判决书。自公告之日起经过三十日即视为送达。如不服本判决，可在公告期满后十五日内向本院递交上诉状，并按对方当事人的人数提出副本。

人民法院公告

本院受理原告与被告借款合同纠纷一案，已审理终结。现依法向你公告送达民事判决书。自公告之日起经过三十日即视为送达。如不服本判决，可在公告期满后十五日内向本院递交上诉状，并按对方当事人的人数提出副本。

本院受理原告与被告借款合同纠纷一案，已审理终结。现依法向你公告送达民事判决书。自公告之日起经过三十日即视为送达。如不服本判决，可在公告期满后十五日内向本院递交上诉状，并按对方当事人的人数提出副本。

本院受理原告与被告借款合同纠纷一案，已审理终结。现依法向你公告送达民事判决书。自公告之日起经过三十日即视为送达。如不服本判决，可在公告期满后十五日内向本院递交上诉状，并按对方当事人的人数提出副本。

本院受理原告与被告借款合同纠纷一案，已审理终结。现依法向你公告送达民事判决书。自公告之日起经过三十日即视为送达。如不服本判决，可在公告期满后十五日内向本院递交上诉状，并按对方当事人的人数提出副本。

本院受理原告与被告借款合同纠纷一案，已审理终结。现依法向你公告送达民事判决书。自公告之日起经过三十日即视为送达。如不服本判决，可在公告期满后十五日内向本院递交上诉状，并按对方当事人的人数提出副本。

本院受理原告与被告借款合同纠纷一案，已审理终结。现依法向你公告送达民事判决书。自公告之日起经过三十日即视为送达。如不服本判决，可在公告期满后十五日内向本院递交上诉状，并按对方当事人的人数提出副本。

本院受理原告与被告借款合同纠纷一案，已审理终结。现依法向你公告送达民事判决书。自公告之日起经过三十日即视为送达。如不服本判决，可在公告期满后十五日内向本院递交上诉状，并按对方当事人的人数提出副本。

人民法院公告

本院受理原告与被告借款合同纠纷一案，已审理终结。现依法向你公告送达民事判决书。自公告之日起经过三十日即视为送达。如不服本判决，可在公告期满后十五日内向本院递交上诉状，并按对方当事人的人数提出副本。

本院受理原告与被告借款合同纠纷一案，已审理终结。现依法向你公告送达民事判决书。自公告之日起经过三十日即视为送达。如不服本判决，可在公告期满后十五日内向本院递交上诉状，并按对方当事人的人数提出副本。

本院受理原告与被告借款合同纠纷一案，已审理终结。现依法向你公告送达民事判决书。自公告之日起经过三十日即视为送达。如不服本判决，可在公告期满后十五日内向本院递交上诉状，并按对方当事人的人数提出副本。

本院受理原告与被告借款合同纠纷一案，已审理终结。现依法向你公告送达民事判决书。自公告之日起经过三十日即视为送达。如不服本判决，可在公告期满后十五日内向本院递交上诉状，并按对方当事人的人数提出副本。

本院受理原告与被告借款合同纠纷一案，已审理终结。现依法向你公告送达民事判决书。自公告之日起经过三十日即视为送达。如不服本判决，可在公告期满后十五日内向本院递交上诉状，并按对方当事人的人数提出副本。

本院受理原告与被告借款合同纠纷一案，已审理终结。现依法向你公告送达民事判决书。自公告之日起经过三十日即视为送达。如不服本判决，可在公告期满后十五日内向本院递交上诉状，并按对方当事人的人数提出副本。

本院受理原告与被告借款合同纠纷一案，已审理终结。现依法向你公告送达民事判决书。自公告之日起经过三十日即视为送达。如不服本判决，可在公告期满后十五日内向本院递交上诉状，并按对方当事人的人数提出副本。

人民法院公告

本院受理原告与被告借款合同纠纷一案，已审理终结。现依法向你公告送达民事判决书。自公告之日起经过三十日即视为送达。如不服本判决，可在公告期满后十五日内向本院递交上诉状，并按对方当事人的人数提出副本。

本院受理原告与被告借款合同纠纷一案，已审理终结。现依法向你公告送达民事判决书。自公告之日起经过三十日即视为送达。如不服本判决，可在公告期满后十五日内向本院递交上诉状，并按对方当事人的人数提出副本。

本院受理原告与被告借款合同纠纷一案，已审理终结。现依法向你公告送达民事判决书。自公告之日起经过三十日即视为送达。如不服本判决，可在公告期满后十五日内向本院递交上诉状，并按对方当事人的人数提出副本。

本院受理原告与被告借款合同纠纷一案，已审理终结。现依法向你公告送达民事判决书。自公告之日起经过三十日即视为送达。如不服本判决，可在公告期满后十五日内向本院递交上诉状，并按对方当事人的人数提出副本。

本院受理原告与被告借款合同纠纷一案，已审理终结。现依法向你公告送达民事判决书。自公告之日起经过三十日即视为送达。如不服本判决，可在公告期满后十五日内向本院递交上诉状，并按对方当事人的人数提出副本。

本院受理原告与被告借款合同纠纷一案，已审理终结。现依法向你公告送达民事判决书。自公告之日起经过三十日即视为送达。如不服本判决，可在公告期满后十五日内向本院递交上诉状，并按对方当事人的人数提出副本。

本院受理原告与被告借款合同纠纷一案，已审理终结。现依法向你公告送达民事判决书。自公告之日起经过三十日即视为送达。如不服本判决，可在公告期满后十五日内向本院递交上诉状，并按对方当事人的人数提出副本。

人民法院公告

本院受理原告与被告借款合同纠纷一案，已审理终结。现依法向你公告送达民事判决书。自公告之日起经过三十日即视为送达。如不服本判决，可在公告期满后十五日内向本院递交上诉状，并按对方当事人的人数提出副本。

本院受理原告与被告借款合同纠纷一案，已审理终结。现依法向你公告送达民事判决书。自公告之日起经过三十日即视为送达。如不服本判决，可在公告期满后十五日内向本院递交上诉状，并按对方当事人的人数提出副本。

本院受理原告与被告借款合同纠纷一案，已审理终结。现依法向你公告送达民事判决书。自公告之日起经过三十日即视为送达。如不服本判决，可在公告期满后十五日内向本院递交上诉状，并按对方当事人的人数提出副本。

本院受理原告与被告借款合同纠纷一案，已审理终结。现依法向你公告送达民事判决书。自公告之日起经过三十日即视为送达。如不服本判决，可在公告期满后十五日内向本院递交上诉状，并按对方当事人的人数提出副本。

本院受理原告与被告借款合同纠纷一案，已审理终结。现依法向你公告送达民事判决书。自公告之日起经过三十日即视为送达。如不服本判决，可在公告期满后十五日内向本院递交上诉状，并按对方当事人的人数提出副本。

本院受理原告与被告借款合同纠纷一案，已审理终结。现依法向你公告送达民事判决书。自公告之日起经过三十日即视为送达。如不服本判决，可在公告期满后十五日内向本院递交上诉状，并按对方当事人的人数提出副本。

本院受理原告与被告借款合同纠纷一案，已审理终结。现依法向你公告送达民事判决书。自公告之日起经过三十日即视为送达。如不服本判决，可在公告期满后十五日内向本院递交上诉状，并按对方当事人的人数提出副本。

人民法院公告

本院受理原告与被告借款合同纠纷一案，已审理终结。现依法向你公告送达民事判决书。自公告之日起经过三十日即视为送达。如不服本判决，可在公告期满后十五日内向本院递交上诉状，并按对方当事人的人数提出副本。

本院受理原告与被告借款合同纠纷一案，已审理终结。现依法向你公告送达民事判决书。自公告之日起经过三十日即视为送达。如不服本判决，可在公告期满后十五日内向本院递交上诉状，并按对方当事人的人数提出副本。

本院受理原告与被告借款合同纠纷一案，已审理终结。现依法向你公告送达民事判决书。自公告之日起经过三十日即视为送达。如不服本判决，可在公告期满后十五日内向本院递交上诉状，并按对方当事人的人数提出副本。

本院受理原告与被告借款合同纠纷一案，已审理终结。现依法向你公告送达民事判决书。自公告之日起经过三十日即视为送达。如不服本判决，可在公告期满后十五日内向本院递交上诉状，并按对方当事人的人数提出副本。

公告专栏

遗失声明：本单位不慎遗失营业执照正本、公章、财务专用章，声明作废。注销公告：经股东会决议，本公司拟向登记机关申请注销，请债权人自公告之日起四十五日内向本公司清算组申报债权。特此公告。

遗失声明：本单位不慎遗失营业执照正本、公章、财务专用章，声明作废。注销公告：经股东会决议，本公司拟向登记机关申请注销，请债权人自公告之日起四十五日内向本公司清算组申报债权。特此公告。

遗失声明：本单位不慎遗失营业执照正本、公章、财务专用章，声明作废。注销公告：经股东会决议，本公司拟向登记机关申请注销，请债权人自公告之日起四十五日内向本公司清算组申报债权。特此公告。

公告专栏

遗失声明：本单位不慎遗失营业执照正本、公章、财务专用章，声明作废。注销公告：经股东会决议，本公司拟向登记机关申请注销，请债权人自公告之日起四十五日内向本公司清算组申报债权。特此公告。

遗失声明：本单位不慎遗失营业执照正本、公章、财务专用章，声明作废。注销公告：经股东会决议，本公司拟向登记机关申请注销，请债权人自公告之日起四十五日内向本公司清算组申报债权。特此公告。

遗失声明：本单位不慎遗失营业执照正本、公章、财务专用章，声明作废。注销公告：经股东会决议，本公司拟向登记机关申请注销，请债权人自公告之日起四十五日内向本公司清算组申报债权。特此公告。

遗失声明：本单位不慎遗失营业执照正本、公章、财务专用章，声明作废。注销公告：经股东会决议，本公司拟向登记机关申请注销，请债权人自公告之日起四十五日内向本公司清算组申报债权。特此公告。

遗失声明：本单位不慎遗失营业执照正本、公章、财务专用章，声明作废。注销公告：经股东会决议，本公司拟向登记机关申请注销，请债权人自公告之日起四十五日内向本公司清算组申报债权。特此公告。

遗失声明：本单位不慎遗失营业执照正本、公章、财务专用章，声明作废。注销公告：经股东会决议，本公司拟向登记机关申请注销，请债权人自公告之日起四十五日内向本公司清算组申报债权。特此公告。

遗失声明：本单位不慎遗失营业执照正本、公章、财务专用章，声明作废。注销公告：经股东会决议，本公司拟向登记机关申请注销，请债权人自公告之日起四十五日内向本公司清算组申报债权。特此公告。

公告专栏

遗失声明：本单位不慎遗失营业执照正本、公章、财务专用章，声明作废。注销公告：经股东会决议，本公司拟向登记机关申请注销，请债权人自公告之日起四十五日内向本公司清算组申报债权。特此公告。

遗失声明：本单位不慎遗失营业执照正本、公章、财务专用章，声明作废。注销公告：经股东会决议，本公司拟向登记机关申请注销，请债权人自公告之日起四十五日内向本公司清算组申报债权。特此公告。

遗失声明：本单位不慎遗失营业执照正本、公章、财务专用章，声明作废。注销公告：经股东会决议，本公司拟向登记机关申请注销，请债权人自公告之日起四十五日内向本公司清算组申报债权。特此公告。

遗失声明：本单位不慎遗失营业执照正本、公章、财务专用章，声明作废。注销公告：经股东会决议，本公司拟向登记机关申请注销，请债权人自公告之日起四十五日内向本公司清算组申报债权。特此公告。

遗失声明：本单位不慎遗失营业执照正本、公章、财务专用章，声明作废。注销公告：经股东会决议，本公司拟向登记机关申请注销，请债权人自公告之日起四十五日内向本公司清算组申报债权。特此公告。

遗失声明：本单位不慎遗失营业执照正本、公章、财务专用章，声明作废。注销公告：经股东会决议，本公司拟向登记机关申请注销，请债权人自公告之日起四十五日内向本公司清算组申报债权。特此公告。

遗失声明：本单位不慎遗失营业执照正本、公章、财务专用章，声明作废。注销公告：经股东会决议，本公司拟向登记机关申请注销，请债权人自公告之日起四十五日内向本公司清算组申报债权。特此公告。

公告专栏

遗失声明：本单位不慎遗失营业执照正本、公章、财务专用章，声明作废。注销公告：经股东会决议，本公司拟向登记机关申请注销，请债权人自公告之日起四十五日内向本公司清算组申报债权。特此公告。

遗失声明：本单位不慎遗失营业执照正本、公章、财务专用章，声明作废。注销公告：经股东会决议，本公司拟向登记机关申请注销，请债权人自公告之日起四十五日内向本公司清算组申报债权。特此公告。

遗失声明：本单位不慎遗失营业执照正本、公章、财务专用章，声明作废。注销公告：经股东会决议，本公司拟向登记机关申请注销，请债权人自公告之日起四十五日内向本公司清算组申报债权。特此公告。

遗失声明：本单位不慎遗失营业执照正本、公章、财务专用章，声明作废。注销公告：经股东会决议，本公司拟向登记机关申请注销，请债权人自公告之日起四十五日内向本公司清算组申报债权。特此公告。

遗失声明：本单位不慎遗失营业执照正本、公章、财务专用章，声明作废。注销公告：经股东会决议，本公司拟向登记机关申请注销，请债权人自公告之日起四十五日内向本公司清算组申报债权。特此公告。

遗失声明：本单位不慎遗失营业执照正本、公章、财务专用章，声明作废。注销公告：经股东会决议，本公司拟向登记机关申请注销，请债权人自公告之日起四十五日内向本公司清算组申报债权。特此公告。

遗失声明：本单位不慎遗失营业执照正本、公章、财务专用章，声明作废。注销公告：经股东会决议，本公司拟向登记机关申请注销，请债权人自公告之日起四十五日内向本公司清算组申报债权。特此公告。

公告专栏

遗失声明：本单位不慎遗失营业执照正本、公章、财务专用章，声明作废。注销公告：经股东会决议，本公司拟向登记机关申请注销，请债权人自公告之日起四十五日内向本公司清算组申报债权。特此公告。

遗失声明：本单位不慎遗失营业执照正本、公章、财务专用章，声明作废。注销公告：经股东会决议，本公司拟向登记机关申请注销，请债权人自公告之日起四十五日内向本公司清算组申报债权。特此公告。

遗失声明：本单位不慎遗失营业执照正本、公章、财务专用章，声明作废。注销公告：经股东会决议，本公司拟向登记机关申请注销，请债权人自公告之日起四十五日内向本公司清算组申报债权。特此公告。

遗失声明：本单位不慎遗失营业执照正本、公章、财务专用章，声明作废。注销公告：经股东会决议，本公司拟向登记机关申请注销，请债权人自公告之日起四十五日内向本公司清算组申报债权。特此公告。

遗失声明：本单位不慎遗失营业执照正本、公章、财务专用章，声明作废。注销公告：经股东会决议，本公司拟向登记机关申请注销，请债权人自公告之日起四十五日内向本公司清算组申报债权。特此公告。

遗失声明：本单位不慎遗失营业执照正本、公章、财务专用章，声明作废。注销公告：经股东会决议，本公司拟向登记机关申请注销，请债权人自公告之日起四十五日内向本公司清算组申报债权。特此公告。

遗失声明：本单位不慎遗失营业执照正本、公章、财务专用章，声明作废。注销公告：经股东会决议，本公司拟向登记机关申请注销，请债权人自公告之日起四十五日内向本公司清算组申报债权。特此公告。

公告专栏

遗失声明：本单位不慎遗失营业执照正本、公章、财务专用章，声明作废。注销公告：经股东会决议，本公司拟向登记机关申请注销，请债权人自公告之日起四十五日内向本公司清算组申报债权。特此公告。

遗失声明：本单位不慎遗失营业执照正本、公章、财务专用章，声明作废。注销公告：经股东会决议，本公司拟向登记机关申请注销，请债权人自公告之日起四十五日内向本公司清算组申报债权。特此公告。

遗失声明：本单位不慎遗失营业执照正本、公章、财务专用章，声明作废。注销公告：经股东会决议，本公司拟向登记机关申请注销，请债权人自公告之日起四十五日内向本公司清算组申报债权。特此公告。

遗失声明：本单位不慎遗失营业执照正本、公章、财务专用章，声明作废。注销公告：经股东会决议，本公司拟向登记机关申请注销，请债权人自公告之日起四十五日内向本公司清算组申报债权。特此公告。

遗失声明：本单位不慎遗失营业执照正本、公章、财务专用章，声明作废。注销公告：经股东会决议，本公司拟向登记机关申请注销，请债权人自公告之日起四十五日内向本公司清算组申报债权。特此公告。

遗失声明：本单位不慎遗失营业执照正本、公章、财务专用章，声明作废。注销公告：经股东会决议，本公司拟向登记机关申请注销，请债权人自公告之日起四十五日内向本公司清算组申报债权。特此公告。

遗失声明：本单位不慎遗失营业执照正本、公章、财务专用章，声明作废。注销公告：经股东会决议，本公司拟向登记机关申请注销，请债权人自公告之日起四十五日内向本公司清算组申报债权。特此公告。

公告专栏

遗失声明：本单位不慎遗失营业执照正本、公章、财务专用章，声明作废。注销公告：经股东会决议，本公司拟向登记机关申请注销，请债权人自公告之日起四十五日内向本公司清算组申报债权。特此公告。

遗失声明：本单位不慎遗失营业执照正本、公章、财务专用章，声明作废。注销公告：经股东会决议，本公司拟向登记机关申请注销，请债权人自公告之日起四十五日内向本公司清算组申报债权。特此公告。

遗失声明：本单位不慎遗失营业执照正本、公章、财务专用章，声明作废。注销公告：经股东会决议，本公司拟向登记机关申请注销，请债权人自公告之日起四十五日内向本公司清算组申报债权。特此公告。

遗失声明：本单位不慎遗失营业执照正本、公章、财务专用章，声明作废。注销公告：经股东会决议，本公司拟向登记机关申请注销，请债权人自公告之日起四十五日内向本公司清算组申报债权。特此公告。

遗失声明：本单位不慎遗失营业执照正本、公章、财务专用章，声明作废。注销公告：经股东会决议，本公司拟向登记机关申请注销，请债权人自公告之日起四十五日内向本公司清算组申报债权。特此公告。

遗失声明：本单位不慎遗失营业执照正本、公章、财务专用章，声明作废。注销公告：经股东会决议，本公司拟向登记机关申请注销，请债权人自公告之日起四十五日内向本公司清算组申报债权。特此公告。

遗失声明：本单位不慎遗失营业执照正本、公章、财务专用章，声明作废。注销公告：经股东会决议，本公司拟向登记机关申请注销，请债权人自公告之日起四十五日内向本公司清算组申报债权。特此公告。

公告专栏

遗失声明：本单位不慎遗失营业执照正本、公章、财务专用章，声明作废。注销公告：经股东会决议，本公司拟向登记机关申请注销，请债权人自公告之日起四十五日内向本公司清算组申报债权。特此公告。

遗失声明：本单位不慎遗失营业执照正本、公章、财务专用章，声明作废。注销公告：经股东会决议，本公司拟向登记机关申请注销，请债权人自公告之日起四十五日内向本公司清算组申报债权。特此公告。

遗失声明：本单位不慎遗失营业执照正本、公章、财务专用章，声明作废。注销公告：经股东会决议，本公司拟向登记机关申请注销，请债权人自公告之日起四十五日内向本公司清算组申报债权。特此公告。

遗失声明：本单位不慎遗失营业执照正本、公章、财务专用章，声明作废。注销公告：经股东会决议，本公司拟向登记机关申请注销，请债权人自公告之日起四十五日内向本公司清算组申报债权。特此公告。

遗失声明：本单位不慎遗失营业执照正本、公章、财务专用章，声明作废。注销公告：经股东会决议，本公司拟向登记机关申请注销，请债权人自公告之日起四十五日内向本公司清算组申报债权。特此公告。

遗失声明：本单位不慎遗失营业执照正本、公章、财务专用章，声明作废。注销公告：经股东会决议，本公司拟向登记机关申请注销，请债权人自公告之日起四十五日内向本公司清算组申报债权。特此公告。

遗失声明：本单位不慎遗失营业执照正本、公章、财务专用章，声明作废。注销公告：经股东会决议，本公司拟向登记机关申请注销，请债权人自公告之日起四十五日内向本公司清算组申报债权。特此公告。

公告专栏

遗失声明：本单位不慎遗失营业执照正本、公章、财务专用章，声明作废。注销公告：经股东会决议，本公司拟向登记机关申请注销，请债权人自公告之日起四十五日内向本公司清算组申报债权。特此公告。

遗失声明：本单位不慎遗失营业执照正本、公章、财务专用章，声明作废。注销公告：经股东会决议，本公司拟向登记机关申请注销，请债权人自公告之日起四十五日内向本公司清算组申报债权。特此公告。

遗失声明：本单位不慎遗失营业执照正本、公章、财务专用章，声明作废。注销公告：经股东会决议，本公司拟向登记机关申请注销，请债权人自公告之日起四十五日内向本公司清算组申报债权。特此公告。

遗失声明：本单位不慎遗失营业执照正本、公章、财务专用章，声明作废。注销公告：经股东会决议，本公司拟向登记机关申请注销，请债权人自公告之日起四十五日内向本公司清算组申报债权。特此公告。

遗失声明：本单位不慎遗失营业执照正本、公章、财务专用章，声明作废。注销公告：经股东会决议，本公司拟向登记机关申请注销，请债权人自公告之日起四十五日内向本公司清算组申报债权。特此公告。

遗失声明：本单位不慎遗失营业执照正本、公章、财务专用章，声明作废。注销公告：经股东会决议，本公司拟向登记机关申请注销，请债权人自公告之日起四十五日内向本公司清算组申报债权。特此公告。

遗失声明：本单位不慎遗失营业执照正本、公章、财务专用章，声明作废。注销公告：经股东会决议，本公司拟向登记机关申请注销，请债权人自公告之日起四十五日内向本公司清算组申报债权。特此公告。

公告专栏

遗失声明：本单位不慎遗失营业执照正本、公章、财务专用章，声明作废。注销公告：经股东会决议，本公司拟向登记机关申请注销，请债权人自公告之日起四十五日内向本公司清算组申报债权。特此公告。

遗失声明：本单位不慎遗失营业执照正本、公章、财务专用章，声明作废。注销公告：经股东会决议，本公司拟向登记机关申请注销，请债权人自公告之日起四十五日内向本公司清算组申报债权。特此公告。

遗失声明：本单位不慎遗失营业执照正本、公章、财务专用章，声明作废。注销公告：经股东会决议，本公司拟向登记机关申请注销，请债权人自公告之日起四十五日内向本公司清算组申报债权。特此公告。

遗失声明：本单位不慎遗失营业执照正本、公章、财务专用章，声明作废。注销公告：经股东会决议，本公司拟向登记机关申请注销，请债权人自公告之日起四十五日内向本公司清算组申报债权。特此公告。

遗失声明：本单位不慎遗失营业执照正本、公章、财务专用章，声明作废。注销公告：经股东会决议，本公司拟向登记机关申请注销，请债权人自公告之日起四十五日内向本公司清算组申报债权。特此公告。

遗失声明：本单位不慎遗失营业执照正本、公章、财务专用章，声明作废。注销公告：经股东会决议，本公司拟向登记机关申请注销，请债权人自公告之日起四十五日内向本公司清算组申报债权。特此公告。

遗失声明：本单位不慎遗失营业执照正本、公章、财务专用章，声明作废。注销公告：经股东会决议，本公司拟向登记机关申请注销，请债权人自公告之日起四十五日内向本公司清算组申报债权。特此公告。

公告专栏

遗失声明：本单位不慎遗失营业执照正本、公章、财务专用章，声明作废。注销公告：经股东会决议，本公司拟向登记机关申请注销，请债权人自公告之日起四十五日内向本公司清算组申报债权。特此公告。

遗失声明：本单位不慎遗失营业执照正本、公章、财务专用章，声明作废。注销公告：经股东会决议，本公司拟向登记机关申请注销，请债权人自公告之日起四十五日内向本公司清算组申报债权。特此公告。

遗失声明：本单位不慎遗失营业执照正本、公章、财务专用章，声明作废。注销公告：经股东会决议，本公司拟向登记机关申请注销，请债权人自公告之日起四十五日内向本公司清算组申报债权。特此公告。

遗失声明：本单位不慎遗失营业执照正本、公章、财务专用章，声明作废。注销公告：经股东会决议，本公司拟向登记机关申请注销，请债权人自公告之日起四十五日内向本公司清算组申报债权。特此公告。
